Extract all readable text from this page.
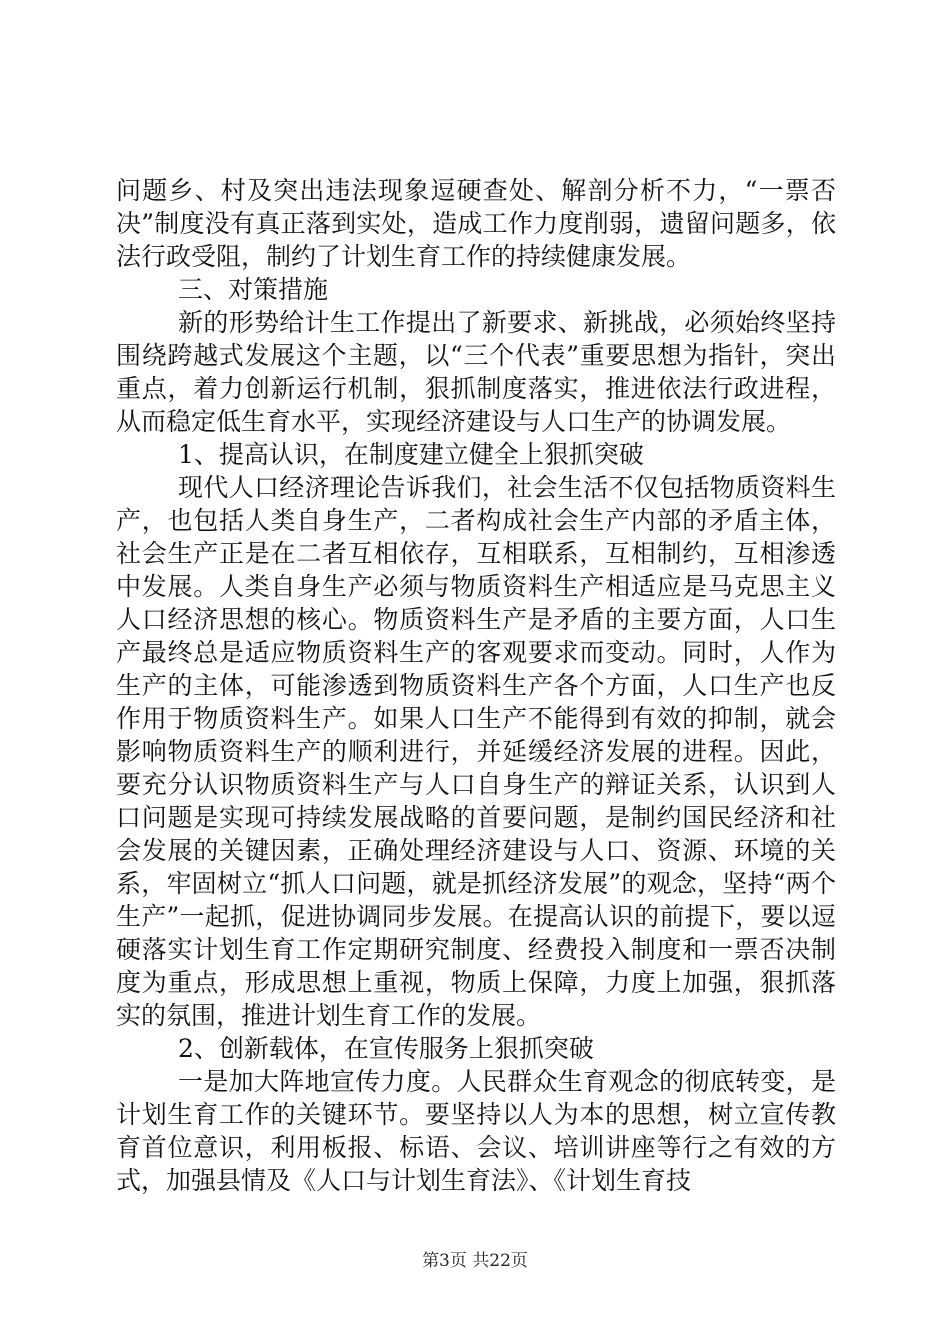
问题乡、村及突出违法现象逗硬查处、解剖分析不力，“一票否决”制度没有真正落到实处，造成工作力度削弱，遗留问题多，依法行政受阻，制约了计划生育工作的持续健康发展。

三、对策措施

新的形势给计生工作提出了新要求、新挑战，必须始终坚持围绕跨越式发展这个主题，以“三个代表”重要思想为指针，突出重点，着力创新运行机制，狠抓制度落实，推进依法行政进程，从而稳定低生育水平，实现经济建设与人口生产的协调发展。

1、提高认识，在制度建立健全上狠抓突破

现代人口经济理论告诉我们，社会生活不仅包括物质资料生产，也包括人类自身生产，二者构成社会生产内部的矛盾主体，社会生产正是在二者互相依存，互相联系，互相制约，互相渗透中发展。人类自身生产必须与物质资料生产相适应是马克思主义人口经济思想的核心。物质资料生产是矛盾的主要方面，人口生产最终总是适应物质资料生产的客观要求而变动。同时，人作为生产的主体，可能渗透到物质资料生产各个方面，人口生产也反作用于物质资料生产。如果人口生产不能得到有效的抑制，就会影响物质资料生产的顺利进行，并延缓经济发展的进程。因此，要充分认识物质资料生产与人口自身生产的辩证关系，认识到人口问题是实现可持续发展战略的首要问题，是制约国民经济和社会发展的关键因素，正确处理经济建设与人口、资源、环境的关系，牢固树立“抓人口问题，就是抓经济发展”的观念，坚持“两个生产”一起抓，促进协调同步发展。在提高认识的前提下，要以逗硬落实计划生育工作定期研究制度、经费投入制度和一票否决制度为重点，形成思想上重视，物质上保障，力度上加强，狠抓落实的氛围，推进计划生育工作的发展。

2、创新载体，在宣传服务上狠抓突破

一是加大阵地宣传力度。人民群众生育观念的彻底转变，是计划生育工作的关键环节。要坚持以人为本的思想，树立宣传教育首位意识，利用板报、标语、会议、培训讲座等行之有效的方式，加强县情及《人口与计划生育法》、《计划生育技

第3页 共22页
